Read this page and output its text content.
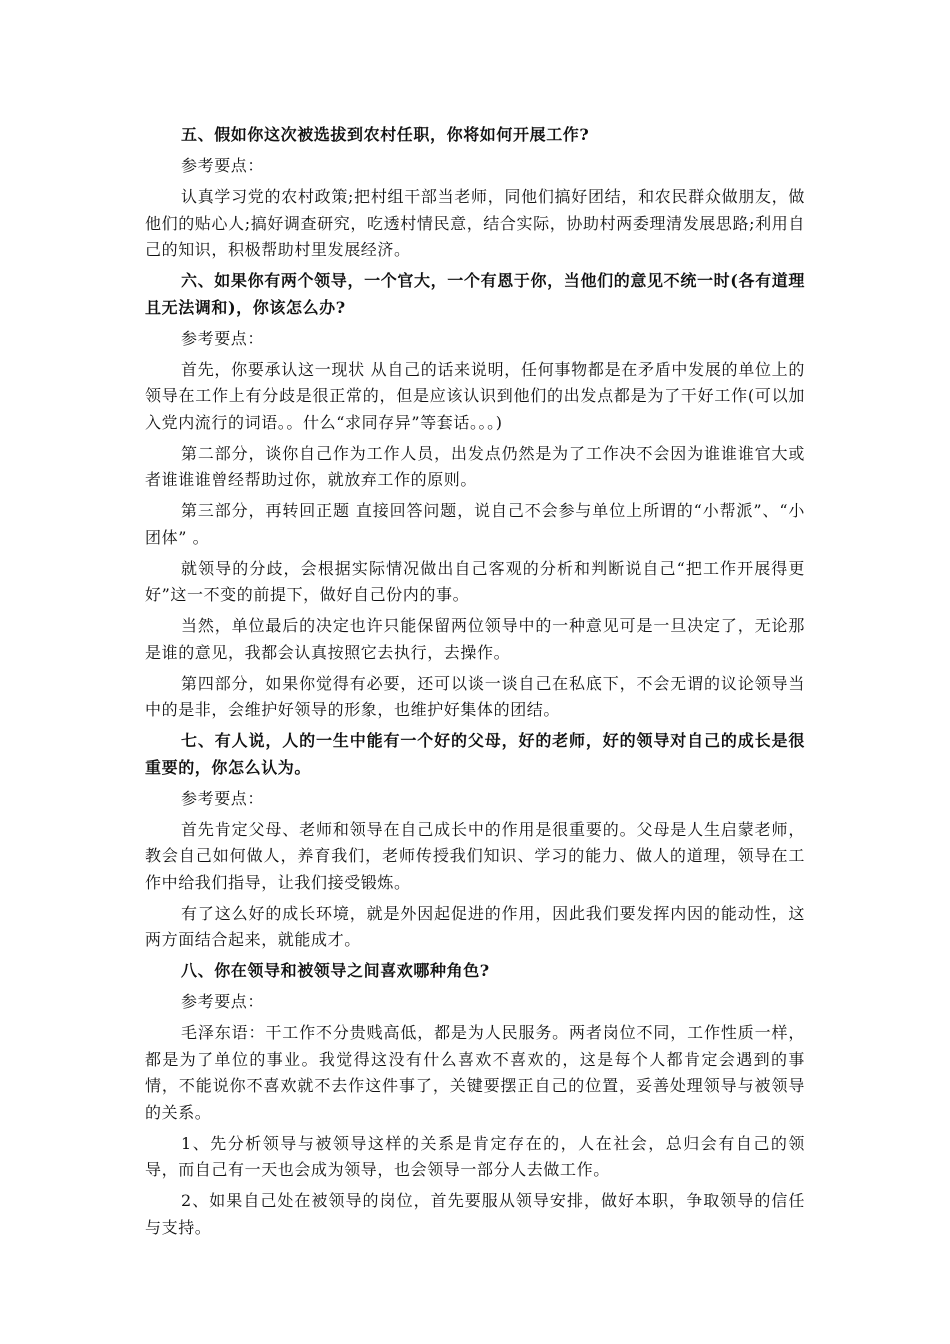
五、假如你这次被选拔到农村任职，你将如何开展工作?

参考要点：

认真学习党的农村政策;把村组干部当老师，同他们搞好团结，和农民群众做朋友，做他们的贴心人;搞好调查研究，吃透村情民意，结合实际，协助村两委理清发展思路;利用自己的知识，积极帮助村里发展经济。

六、如果你有两个领导，一个官大，一个有恩于你，当他们的意见不统一时(各有道理且无法调和)，你该怎么办?

参考要点：

首先，你要承认这一现状 从自己的话来说明，任何事物都是在矛盾中发展的单位上的领导在工作上有分歧是很正常的，但是应该认识到他们的出发点都是为了干好工作(可以加入党内流行的词语。。什么“求同存异”等套话。。。)

第二部分，谈你自己作为工作人员，出发点仍然是为了工作决不会因为谁谁谁官大或者谁谁谁曾经帮助过你，就放弃工作的原则。

第三部分，再转回正题 直接回答问题，说自己不会参与单位上所谓的“小帮派”、“小团体” 。

就领导的分歧，会根据实际情况做出自己客观的分析和判断说自己“把工作开展得更好”这一不变的前提下，做好自己份内的事。

当然，单位最后的决定也许只能保留两位领导中的一种意见可是一旦决定了，无论那是谁的意见，我都会认真按照它去执行，去操作。

第四部分，如果你觉得有必要，还可以谈一谈自己在私底下，不会无谓的议论领导当中的是非，会维护好领导的形象，也维护好集体的团结。

七、有人说，人的一生中能有一个好的父母，好的老师，好的领导对自己的成长是很重要的，你怎么认为。

参考要点：

首先肯定父母、老师和领导在自己成长中的作用是很重要的。父母是人生启蒙老师，教会自己如何做人，养育我们，老师传授我们知识、学习的能力、做人的道理，领导在工作中给我们指导，让我们接受锻炼。

有了这么好的成长环境，就是外因起促进的作用，因此我们要发挥内因的能动性，这两方面结合起来，就能成才。

八、你在领导和被领导之间喜欢哪种角色?

参考要点：

毛泽东语：干工作不分贵贱高低，都是为人民服务。两者岗位不同，工作性质一样，都是为了单位的事业。我觉得这没有什么喜欢不喜欢的，这是每个人都肯定会遇到的事情，不能说你不喜欢就不去作这件事了，关键要摆正自己的位置，妥善处理领导与被领导的关系。

1、先分析领导与被领导这样的关系是肯定存在的，人在社会，总归会有自己的领导，而自己有一天也会成为领导，也会领导一部分人去做工作。

2、如果自己处在被领导的岗位，首先要服从领导安排，做好本职，争取领导的信任与支持。
